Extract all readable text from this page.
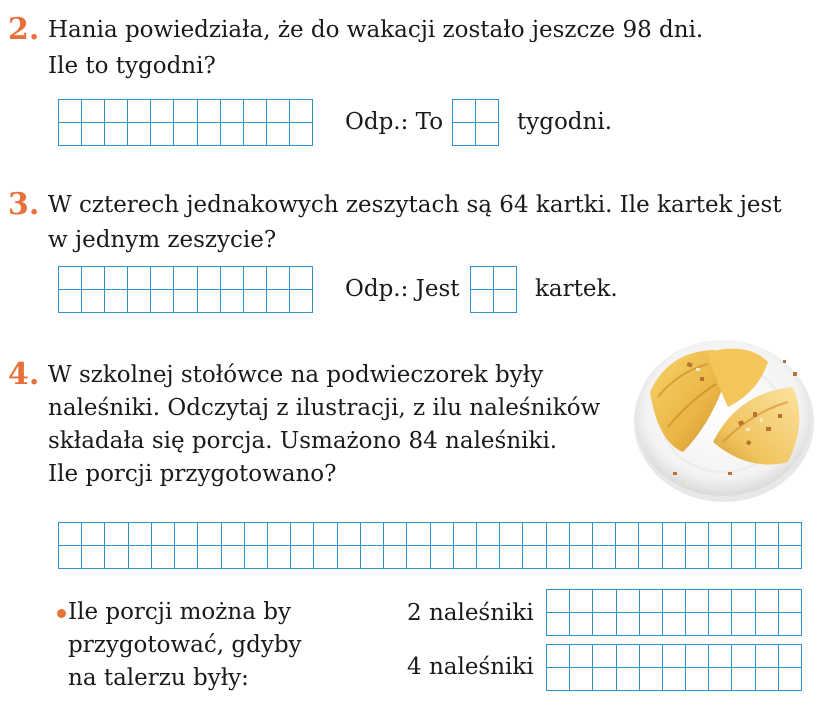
2. Hania powiedziała, że do wakacji zostało jeszcze 98 dni.
Ile to tygodni?
Odp.: To	tygodni.
3. W czterech jednakowych zeszytach są 64 kartki. Ile kartek jest
w jednym zeszycie?
Odp.: Jest	kartek.
4. W szkolnej stołówce na podwieczorek były
naleśniki. Odczytaj z ilustracji, z ilu naleśników
składała się porcja. Usmażono 84 naleśniki.
Ile porcji przygotowano?
Ile porcji można by
przygotować, gdyby
na talerzu były:
2 naleśniki
4 naleśniki
